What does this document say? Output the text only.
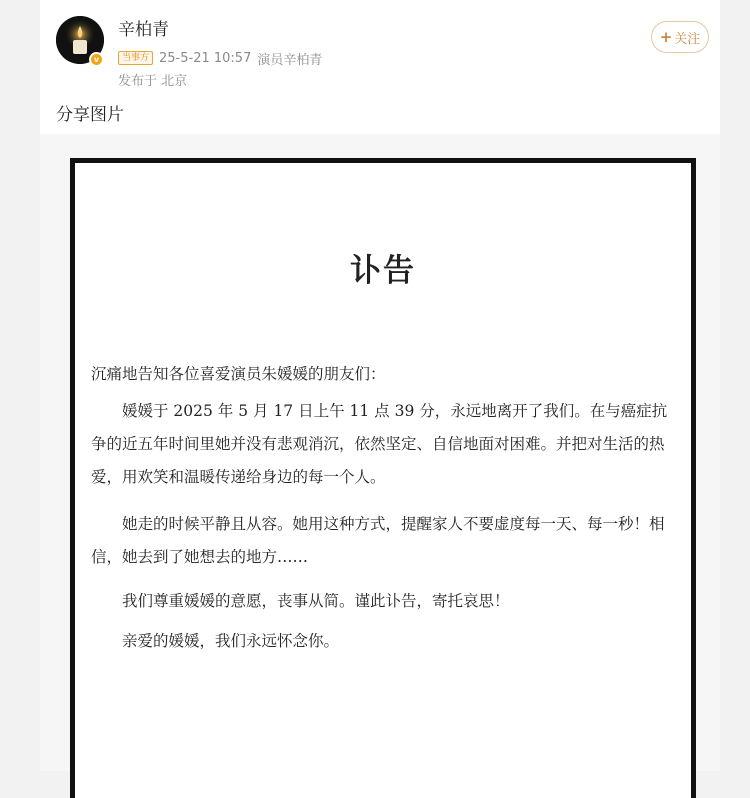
v
辛柏青
当事方 25-5-21 10:57 演员辛柏青
发布于 北京
+ 关注
分享图片
讣告
沉痛地告知各位喜爱演员朱媛媛的朋友们：
媛媛于 2025 年 5 月 17 日上午 11 点 39 分，永远地离开了我们。在与癌症抗争的近五年时间里她并没有悲观消沉，依然坚定、自信地面对困难。并把对生活的热爱，用欢笑和温暖传递给身边的每一个人。
她走的时候平静且从容。她用这种方式，提醒家人不要虚度每一天、每一秒！相信，她去到了她想去的地方……
我们尊重媛媛的意愿，丧事从简。谨此讣告，寄托哀思！
亲爱的媛媛，我们永远怀念你。
